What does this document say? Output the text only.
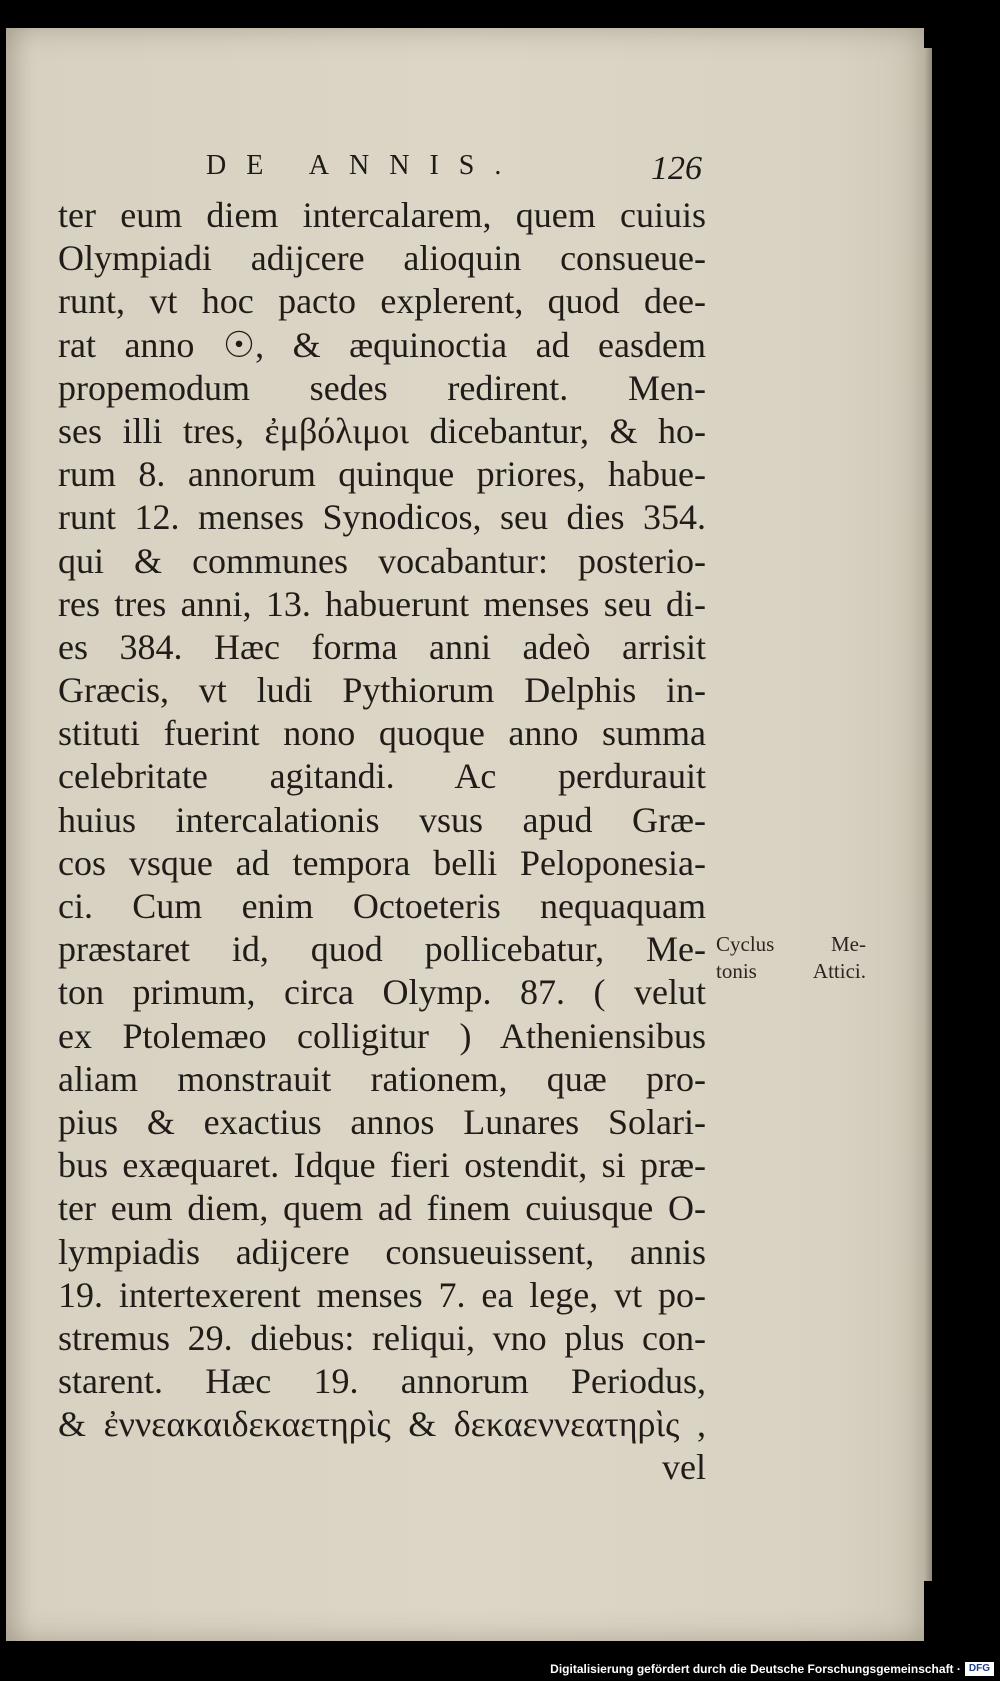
DE ANNIS.	126
ter eum diem intercalarem, quem cuiuis
Olympiadi adijcere alioquin consueue-
runt, vt hoc pacto explerent, quod dee-
rat anno ☉, & æquinoctia ad easdem
propemodum sedes redirent. Men-
ses illi tres, ἐμβόλιμοι dicebantur, & ho-
rum 8. annorum quinque priores, habue-
runt 12. menses Synodicos, seu dies 354.
qui & communes vocabantur: posterio-
res tres anni, 13. habuerunt menses seu di-
es 384. Hæc forma anni adeò arrisit
Græcis, vt ludi Pythiorum Delphis in-
stituti fuerint nono quoque anno summa
celebritate agitandi. Ac perdurauit
huius intercalationis vsus apud Græ-
cos vsque ad tempora belli Peloponesia-
ci. Cum enim Octoeteris nequaquam
præstaret id, quod pollicebatur, Me-
ton primum, circa Olymp. 87. ( velut
ex Ptolemæo colligitur ) Atheniensibus
aliam monstrauit rationem, quæ pro-
pius & exactius annos Lunares Solari-
bus exæquaret. Idque fieri ostendit, si præ-
ter eum diem, quem ad finem cuiusque O-
lympiadis adijcere consueuissent, annis
19. intertexerent menses 7. ea lege, vt po-
stremus 29. diebus: reliqui, vno plus con-
starent. Hæc 19. annorum Periodus,
& ἐννεακαιδεκαετηρὶς & δεκαεννεατηρὶς ,
vel
Cyclus Me-
tonis Attici.
Digitalisierung gefördert durch die Deutsche Forschungsgemeinschaft · DFG
